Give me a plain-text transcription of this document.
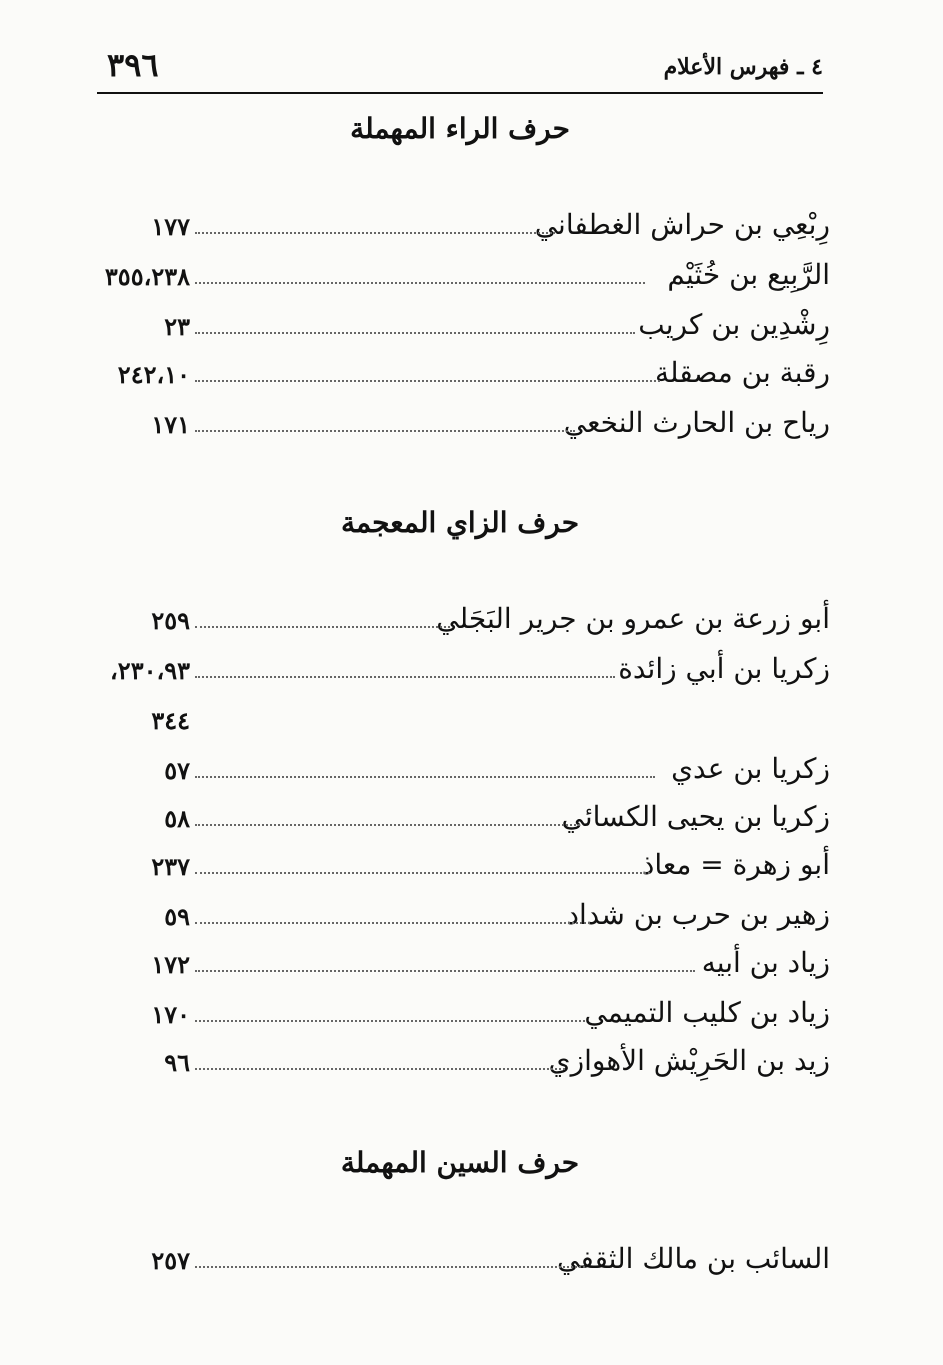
٣٩٦	٤ ـ فهرس الأعلام
حرف الراء المهملة
رِبْعِي بن حراش الغطفاني
١٧٧
الرَّبِيع بن خُثَيْم
٣٥٥،٢٣٨
رِشْدِين بن كريب
٢٣
رقبة بن مصقلة
٢٤٢،١٠
رياح بن الحارث النخعي
١٧١
حرف الزاي المعجمة
أبو زرعة بن عمرو بن جرير البَجَلي
٢٥٩
زكريا بن أبي زائدة
٢٣٠،٩٣،
٣٤٤
زكريا بن عدي
٥٧
زكريا بن يحيى الكسائي
٥٨
أبو زهرة = معاذ
٢٣٧
زهير بن حرب بن شداد
٥٩
زياد بن أبيه
١٧٢
زياد بن كليب التميمي
١٧٠
زيد بن الحَرِيْش الأهوازي
٩٦
حرف السين المهملة
السائب بن مالك الثقفي
٢٥٧
